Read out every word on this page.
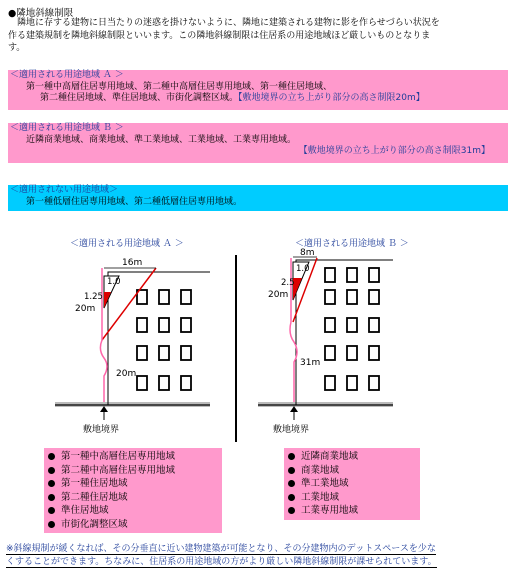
●隣地斜線制限
　隣地に存する建物に日当たりの迷惑を掛けないように、隣地に建築される建物に影を作らせづらい状況を
作る建築規制を隣地斜線制限といいます。この隣地斜線制限は住居系の用途地域ほど厳しいものとなりま
す。
＜適用される用途地域 Ａ ＞
第一種中高層住居専用地域、第二種中高層住居専用地域、第一種住居地域、
第二種住居地域、準住居地域、市街化調整区域。【敷地境界の立ち上がり部分の高さ制限20m】
＜適用される用途地域 Ｂ ＞
近隣商業地域、商業地域、準工業地域、工業地域、工業専用地域。
【敷地境界の立ち上がり部分の高さ制限31m】
＜適用されない用途地域＞
第一種低層住居専用地域、第二種低層住居専用地域。
＜適用される用途地域 Ａ ＞	＜適用される用途地域 Ｂ ＞
16m
1.0
1.25
20m
20m
敷地境界
8m
1.0
2.5
20m
31m
敷地境界
第一種中高層住居専用地域
第二種中高層住居専用地域
第一種住居地域
第二種住居地域
準住居地域
市街化調整区域
近隣商業地域
商業地域
準工業地域
工業地域
工業専用地域
※斜線規制が緩くなれば、その分垂直に近い建物建築が可能となり、その分建物内のデットスペースを少な
くすることができます。ちなみに、住居系の用途地域の方がより厳しい隣地斜線制限が課せられています。
